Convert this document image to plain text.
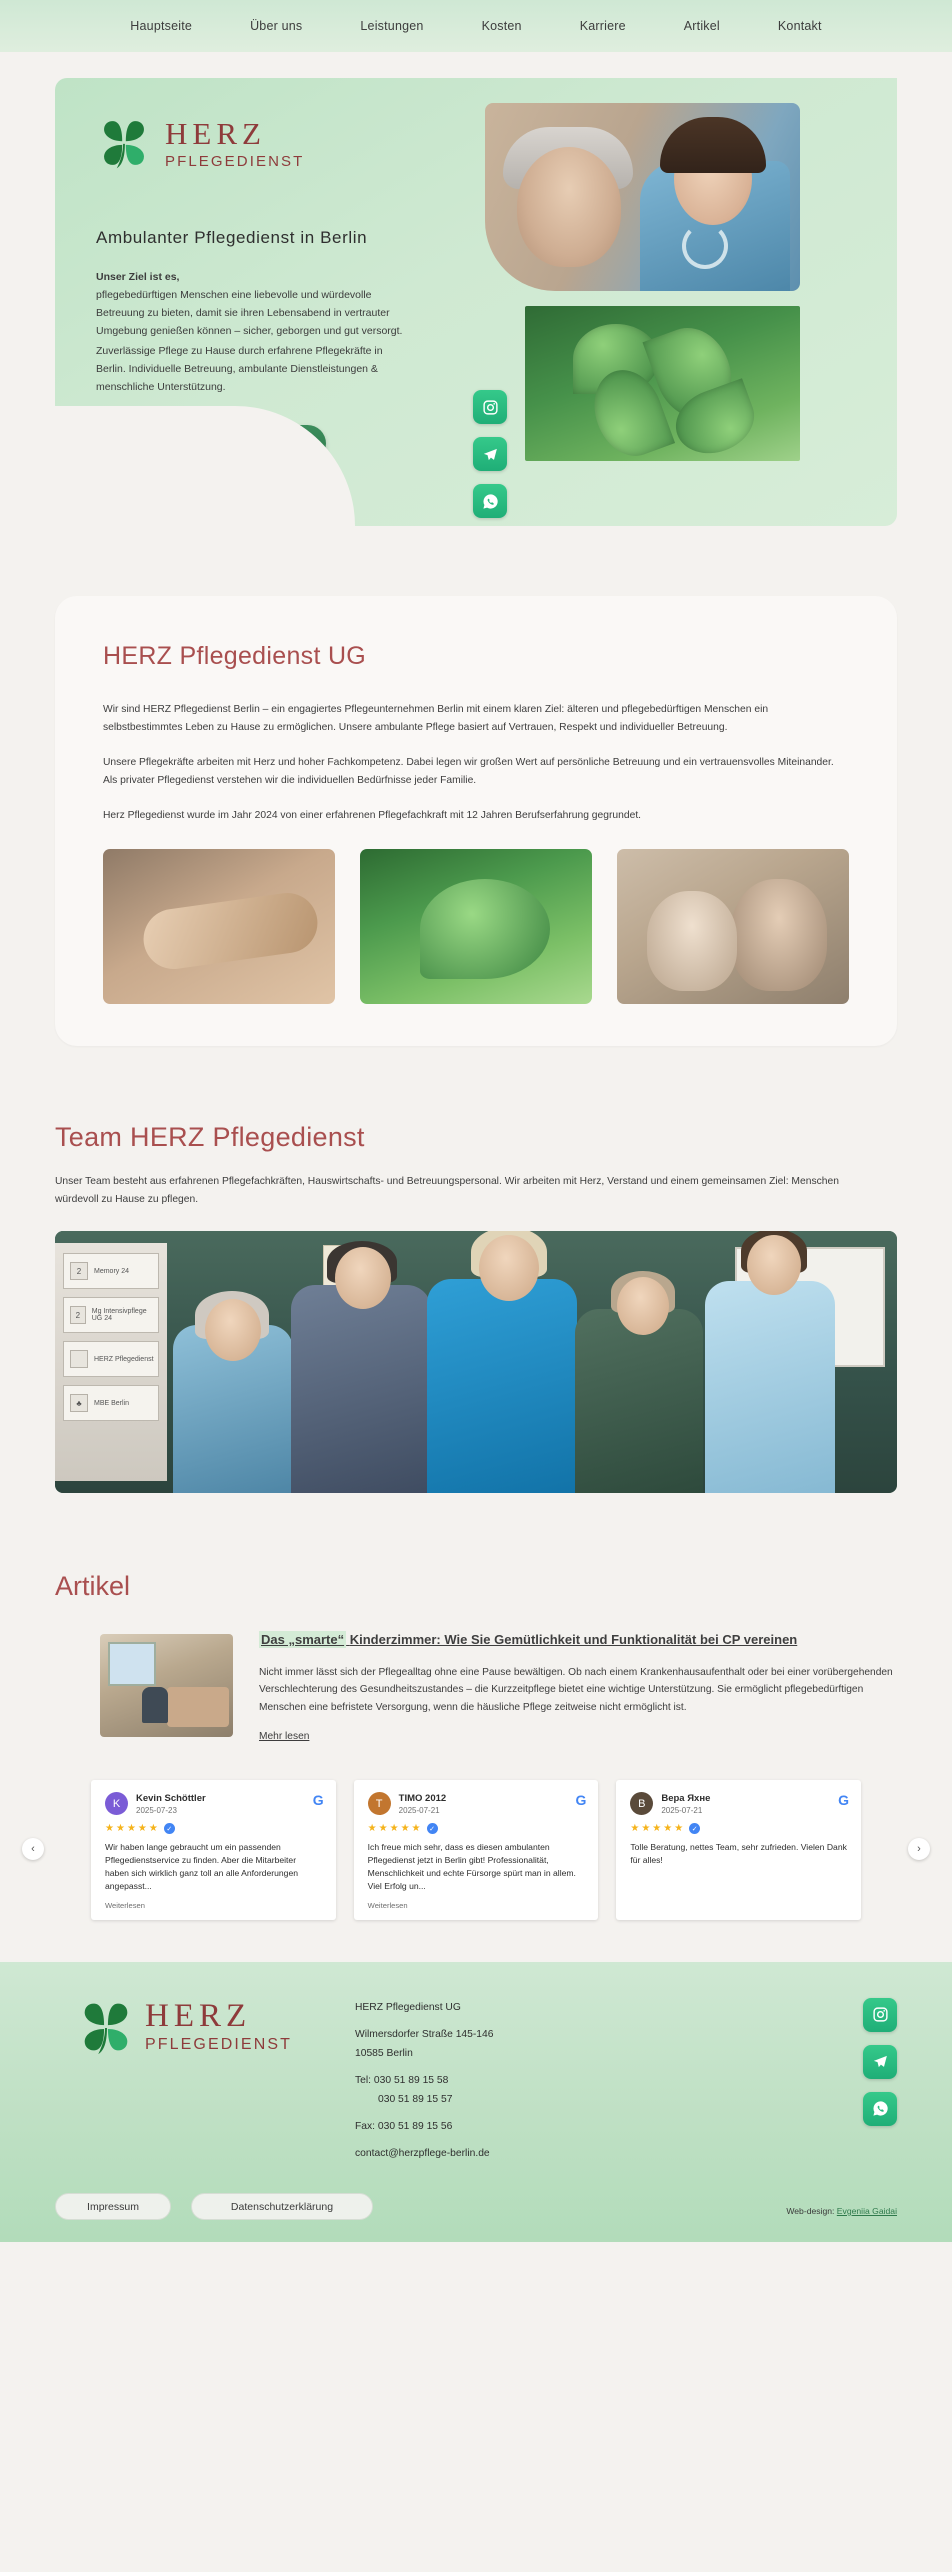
Hauptseite	Über uns	Leistungen	Kosten	Karriere	Artikel	Kontakt
HERZ
PFLEGEDIENST
Ambulanter Pflegedienst in Berlin
Unser Ziel ist es,
pflegebedürftigen Menschen eine liebevolle und würdevolle Betreuung zu bieten, damit sie ihren Lebensabend in vertrauter Umgebung genießen können – sicher, geborgen und gut versorgt.
Zuverlässige Pflege zu Hause durch erfahrene Pflegekräfte in Berlin. Individuelle Betreuung, ambulante Dienstleistungen & menschliche Unterstützung.
HERZ Pflegedienst UG

Wir sind HERZ Pflegedienst Berlin – ein engagiertes Pflegeunternehmen Berlin mit einem klaren Ziel: älteren und pflegebedürftigen Menschen ein selbstbestimmtes Leben zu Hause zu ermöglichen. Unsere ambulante Pflege basiert auf Vertrauen, Respekt und individueller Betreuung.

Unsere Pflegekräfte arbeiten mit Herz und hoher Fachkompetenz. Dabei legen wir großen Wert auf persönliche Betreuung und ein vertrauensvolles Miteinander. Als privater Pflegedienst verstehen wir die individuellen Bedürfnisse jeder Familie.

Herz Pflegedienst wurde im Jahr 2024 von einer erfahrenen Pflegefachkraft mit 12 Jahren Berufserfahrung gegrundet.

Team HERZ Pflegedienst

Unser Team besteht aus erfahrenen Pflegefachkräften, Hauswirtschafts- und Betreuungspersonal. Wir arbeiten mit Herz, Verstand und einem gemeinsamen Ziel: Menschen würdevoll zu Hause zu pflegen.

2	Memory 24
2	Mg Intensivpflege UG 24
HERZ Pflegedienst
♣	MBE Berlin
Artikel
Das „smarte“ Kinderzimmer: Wie Sie Gemütlichkeit und Funktionalität bei CP vereinen
Nicht immer lässt sich der Pflegealltag ohne eine Pause bewältigen. Ob nach einem Krankenhausaufenthalt oder bei einer vorübergehenden Verschlechterung des Gesundheitszustandes – die Kurzzeitpflege bietet eine wichtige Unterstützung. Sie ermöglicht pflegebedürftigen Menschen eine befristete Versorgung, wenn die häusliche Pflege zeitweise nicht ermöglicht ist.
Mehr lesen
‹	›
G
K	Kevin Schöttler
2025-07-23
★ ★ ★ ★ ★	✓
Wir haben lange gebraucht um ein passenden Pflegedienstservice zu finden. Aber die Mitarbeiter haben sich wirklich ganz toll an alle Anforderungen angepasst...
Weiterlesen
G
T	TIMO 2012
2025-07-21
★ ★ ★ ★ ★	✓
Ich freue mich sehr, dass es diesen ambulanten Pflegedienst jetzt in Berlin gibt! Professionalität, Menschlichkeit und echte Fürsorge spürt man in allem. Viel Erfolg un...
Weiterlesen
G
В	Вера Яхне
2025-07-21
★ ★ ★ ★ ★	✓
Tolle Beratung, nettes Team, sehr zufrieden. Vielen Dank für alles!
HERZ
PFLEGEDIENST
HERZ Pflegedienst UG
Wilmersdorfer Straße 145-146
10585 Berlin
Tel: 030 51 89 15 58
030 51 89 15 57
Fax: 030 51 89 15 56
contact@herzpflege-berlin.de
Impressum	Datenschutzerklärung	Web-design: Evgeniia Gaidai
